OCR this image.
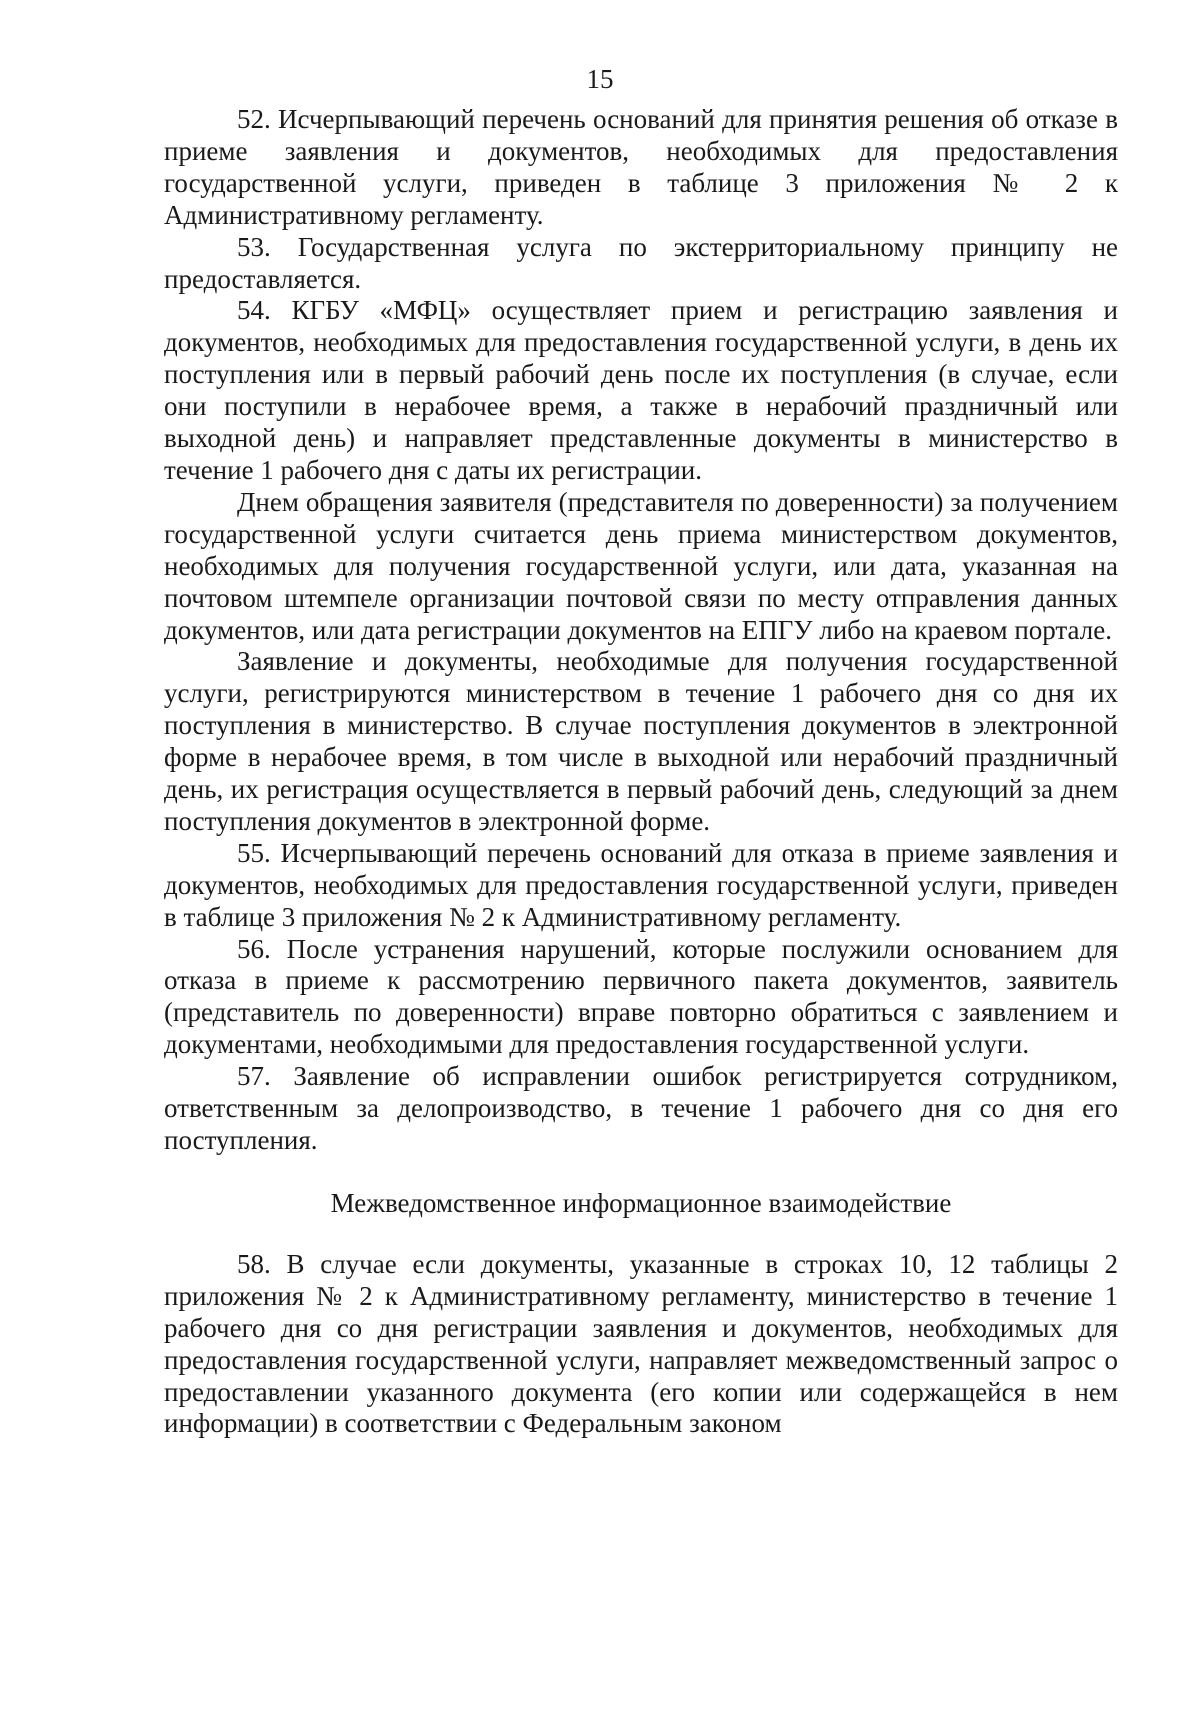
15

52. Исчерпывающий перечень оснований для принятия решения об отказе в приеме заявления и документов, необходимых для предоставления государственной услуги, приведен в таблице 3 приложения № 2 к Административному регламенту.

53. Государственная услуга по экстерриториальному принципу не предоставляется.

54. КГБУ «МФЦ» осуществляет прием и регистрацию заявления и документов, необходимых для предоставления государственной услуги, в день их поступления или в первый рабочий день после их поступления (в случае, если они поступили в нерабочее время, а также в нерабочий праздничный или выходной день) и направляет представленные документы в министерство в течение 1 рабочего дня с даты их регистрации.

Днем обращения заявителя (представителя по доверенности) за получением государственной услуги считается день приема министерством документов, необходимых для получения государственной услуги, или дата, указанная на почтовом штемпеле организации почтовой связи по месту отправления данных документов, или дата регистрации документов на ЕПГУ либо на краевом портале.

Заявление и документы, необходимые для получения государственной услуги, регистрируются министерством в течение 1 рабочего дня со дня их поступления в министерство. В случае поступления документов в электронной форме в нерабочее время, в том числе в выходной или нерабочий праздничный день, их регистрация осуществляется в первый рабочий день, следующий за днем поступления документов в электронной форме.

55. Исчерпывающий перечень оснований для отказа в приеме заявления и документов, необходимых для предоставления государственной услуги, приведен в таблице 3 приложения № 2 к Административному регламенту.

56. После устранения нарушений, которые послужили основанием для отказа в приеме к рассмотрению первичного пакета документов, заявитель (представитель по доверенности) вправе повторно обратиться с заявлением и документами, необходимыми для предоставления государственной услуги.

57. Заявление об исправлении ошибок регистрируется сотрудником, ответственным за делопроизводство, в течение 1 рабочего дня со дня его поступления.

Межведомственное информационное взаимодействие

58. В случае если документы, указанные в строках 10, 12 таблицы 2 приложения № 2 к Административному регламенту, министерство в течение 1 рабочего дня со дня регистрации заявления и документов, необходимых для предоставления государственной услуги, направляет межведомственный запрос о предоставлении указанного документа (его копии или содержащейся в нем информации) в соответствии с Федеральным законом
